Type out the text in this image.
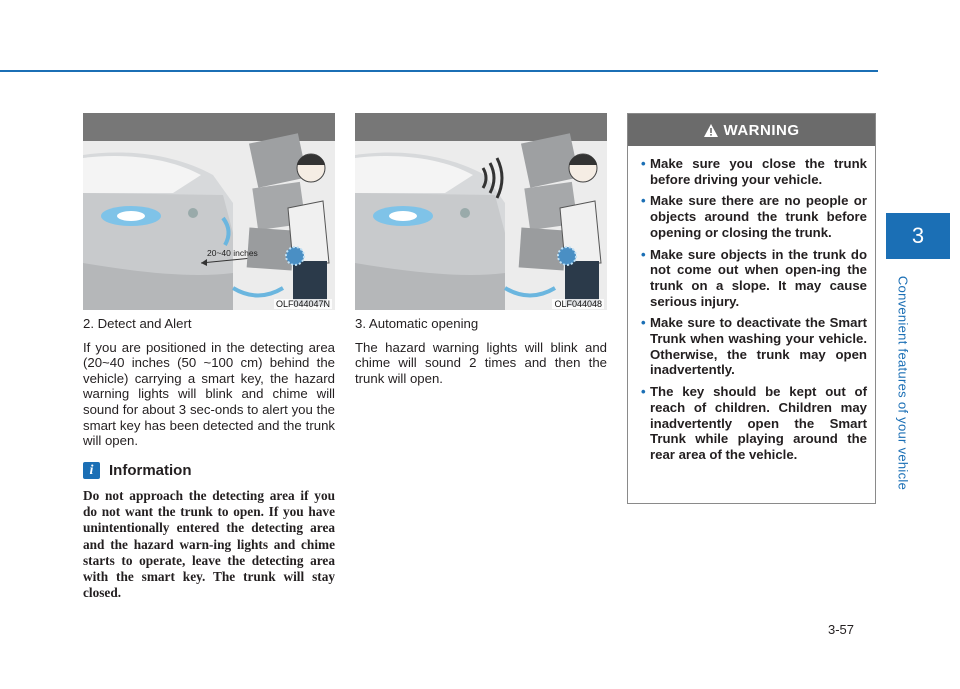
3
Convenient features of your vehicle
20~40 inches
OLF044047N	OLF044048

2. Detect and Alert

If you are positioned in the detecting area (20~40 inches (50 ~100 cm) behind the vehicle) carrying a smart key, the hazard warning lights will blink and chime will sound for about 3 sec-onds to alert you the smart key has been detected and the trunk will open.

i	Information

Do not approach the detecting area if you do not want the trunk to open. If you have unintentionally entered the detecting area and the hazard warn-ing lights and chime starts to operate, leave the detecting area with the smart key. The trunk will stay closed.

3. Automatic opening

The hazard warning lights will blink and chime will sound 2 times and then the trunk will open.

WARNING
• Make sure you close the trunk before driving your vehicle.
• Make sure there are no people or objects around the trunk before opening or closing the trunk.
• Make sure objects in the trunk do not come out when open-ing the trunk on a slope. It may cause serious injury.
• Make sure to deactivate the Smart Trunk when washing your vehicle. Otherwise, the trunk may open inadvertently.
• The key should be kept out of reach of children. Children may inadvertently open the Smart Trunk while playing around the rear area of the vehicle.
3-57
